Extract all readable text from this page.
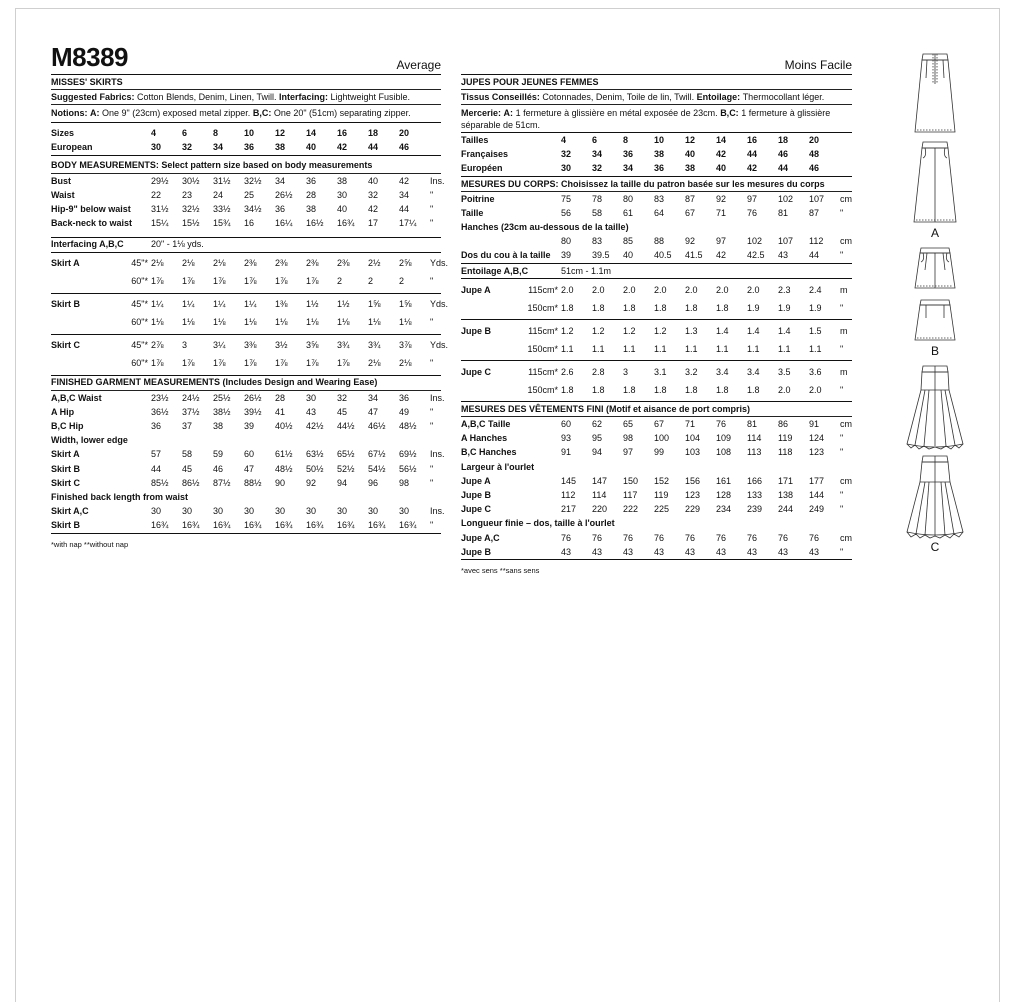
M8389	Average
MISSES' SKIRTS
Suggested Fabrics:
Cotton Blends, Denim, Linen, Twill.
Interfacing:
Lightweight Fusible.
Notions:
A:
One 9" (23cm) exposed metal zipper.
B,C:
One 20" (51cm) separating zipper.
Sizes	4	6	8	10	12	14	16	18	20
European	30	32	34	36	38	40	42	44	46
BODY MEASUREMENTS: Select pattern size based on body measurements
Bust	29½	30½	31½	32½	34	36	38	40	42	Ins.
Waist	22	23	24	25	26½	28	30	32	34	"
Hip-9" below waist	31½	32½	33½	34½	36	38	40	42	44	"
Back-neck to waist	15¼	15½	15¾	16	16¼	16½	16¾	17	17¼	"
Interfacing A,B,C	20" - 1⅛ yds.
Skirt A	45"* 2⅛	2⅛	2⅛	2⅜	2⅜	2⅜	2⅜	2½	2⅝	Yds.
60"* 1⅞	1⅞	1⅞	1⅞	1⅞	1⅞	2	2	2	"
Skirt B	45"* 1¼	1¼	1¼	1¼	1⅜	1½	1½	1⅝	1⅝	Yds.
60"* 1⅛	1⅛	1⅛	1⅛	1⅛	1⅛	1⅛	1⅛	1⅛	"
Skirt C	45"* 2⅞	3	3¼	3⅜	3½	3⅝	3¾	3¾	3⅞	Yds.
60"* 1⅞	1⅞	1⅞	1⅞	1⅞	1⅞	1⅞	2⅛	2⅛	"
FINISHED GARMENT MEASUREMENTS (Includes Design and Wearing Ease)
A,B,C Waist	23½	24½	25½	26½	28	30	32	34	36	Ins.
A Hip	36½	37½	38½	39½	41	43	45	47	49	"
B,C Hip	36	37	38	39	40½	42½	44½	46½	48½	"
Width, lower edge
Skirt A	57	58	59	60	61½	63½	65½	67½	69½	Ins.
Skirt B	44	45	46	47	48½	50½	52½	54½	56½	"
Skirt C	85½	86½	87½	88½	90	92	94	96	98	"
Finished back length from waist
Skirt A,C	30	30	30	30	30	30	30	30	30	Ins.
Skirt B	16¾	16¾	16¾	16¾	16¾	16¾	16¾	16¾	16¾	"
*with nap **without nap
Moins Facile
JUPES POUR JEUNES FEMMES
Tissus Conseillés:
Cotonnades, Denim, Toile de lin, Twill.
Entoilage:
Thermocollant léger.
Mercerie: A: 1 fermeture à glissière en métal exposée de 23cm. B,C: 1 fermeture à glissière séparable de 51cm.
Tailles	4	6	8	10	12	14	16	18	20
Françaises	32	34	36	38	40	42	44	46	48
Européen	30	32	34	36	38	40	42	44	46
MESURES DU CORPS: Choisissez la taille du patron basée sur les mesures du corps
Poitrine	75	78	80	83	87	92	97	102	107	cm
Taille	56	58	61	64	67	71	76	81	87	"
Hanches (23cm au-dessous de la taille)
80	83	85	88	92	97	102	107	112	cm
Dos du cou à la taille	39	39.5	40	40.5	41.5	42	42.5	43	44	"
Entoilage A,B,C	51cm - 1.1m
Jupe A	115cm* 2.0	2.0	2.0	2.0	2.0	2.0	2.0	2.3	2.4	m
150cm* 1.8	1.8	1.8	1.8	1.8	1.8	1.9	1.9	1.9	"
Jupe B	115cm* 1.2	1.2	1.2	1.2	1.3	1.4	1.4	1.4	1.5	m
150cm* 1.1	1.1	1.1	1.1	1.1	1.1	1.1	1.1	1.1	"
Jupe C	115cm* 2.6	2.8	3	3.1	3.2	3.4	3.4	3.5	3.6	m
150cm* 1.8	1.8	1.8	1.8	1.8	1.8	1.8	2.0	2.0	"
MESURES DES VÊTEMENTS FINI (Motif et aisance de port compris)
A,B,C Taille	60	62	65	67	71	76	81	86	91	cm
A Hanches	93	95	98	100	104	109	114	119	124	"
B,C Hanches	91	94	97	99	103	108	113	118	123	"
Largeur à l'ourlet
Jupe A	145	147	150	152	156	161	166	171	177	cm
Jupe B	112	114	117	119	123	128	133	138	144	"
Jupe C	217	220	222	225	229	234	239	244	249	"
Longueur finie – dos, taille à l'ourlet
Jupe A,C	76	76	76	76	76	76	76	76	76	cm
Jupe B	43	43	43	43	43	43	43	43	43	"
*avec sens **sans sens
A
B
C
